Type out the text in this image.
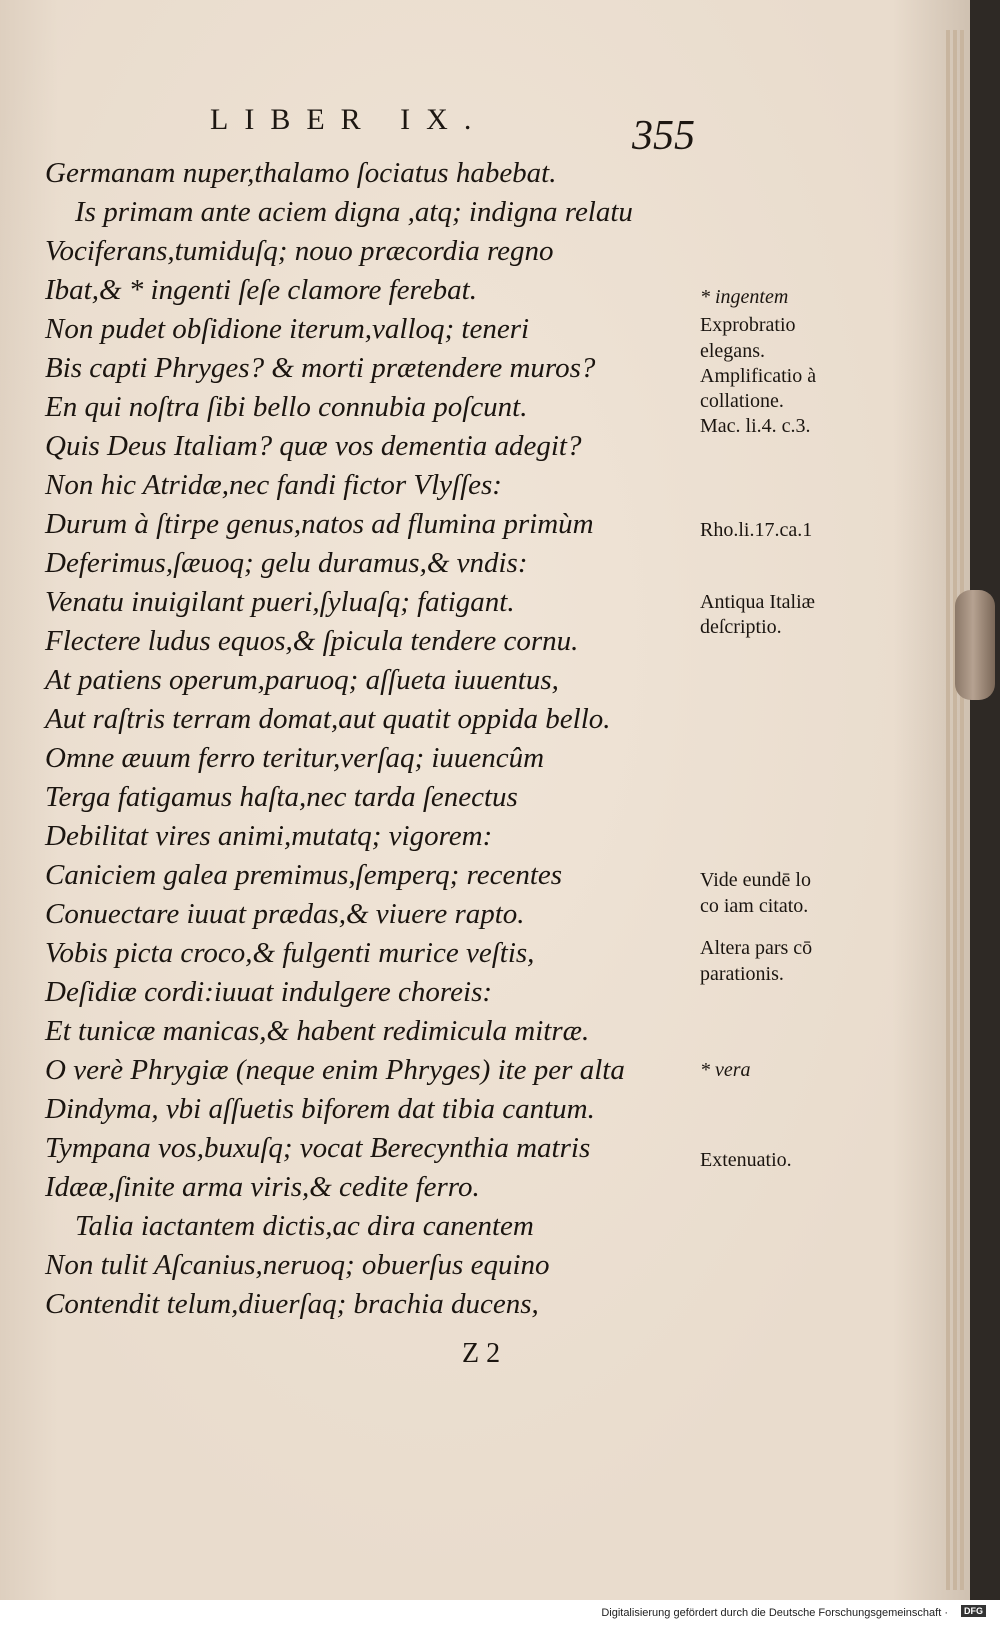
LIBER IX.	355
Germanam nuper,thalamo ſociatus habebat.
Is primam ante aciem digna ,atq; indigna relatu
Vociferans,tumiduſq; nouo præcordia regno
Ibat,& * ingenti ſeſe clamore ferebat.
Non pudet obſidione iterum,valloq; teneri
Bis capti Phryges? & morti prætendere muros?
En qui noſtra ſibi bello connubia poſcunt.
Quis Deus Italiam? quæ vos dementia adegit?
Non hic Atridæ,nec fandi fictor Vlyſſes:
Durum à ſtirpe genus,natos ad flumina primùm
Deferimus,ſæuoq; gelu duramus,& vndis:
Venatu inuigilant pueri,ſyluaſq; fatigant.
Flectere ludus equos,& ſpicula tendere cornu.
At patiens operum,paruoq; aſſueta iuuentus,
Aut raſtris terram domat,aut quatit oppida bello.
Omne æuum ferro teritur,verſaq; iuuencûm
Terga fatigamus haſta,nec tarda ſenectus
Debilitat vires animi,mutatq; vigorem:
Caniciem galea premimus,ſemperq; recentes
Conuectare iuuat prædas,& viuere rapto.
Vobis picta croco,& fulgenti murice veſtis,
Deſidiæ cordi:iuuat indulgere choreis:
Et tunicæ manicas,& habent redimicula mitræ.
O verè Phrygiæ (neque enim Phryges) ite per alta
Dindyma, vbi aſſuetis biforem dat tibia cantum.
Tympana vos,buxuſq; vocat Berecynthia matris
Idææ,ſinite arma viris,& cedite ferro.
Talia iactantem dictis,ac dira canentem
Non tulit Aſcanius,neruoq; obuerſus equino
Contendit telum,diuerſaq; brachia ducens,
* ingentem
Exprobratio
elegans.
Amplificatio à
collatione.
Mac. li.4. c.3.
Rho.li.17.ca.1
Antiqua Italiæ
deſcriptio.
Vide eundē lo
co iam citato.
Altera pars cō
parationis.
* vera
Extenuatio.
Z 2
Digitalisierung gefördert durch die Deutsche Forschungsgemeinschaft ·	DFG
